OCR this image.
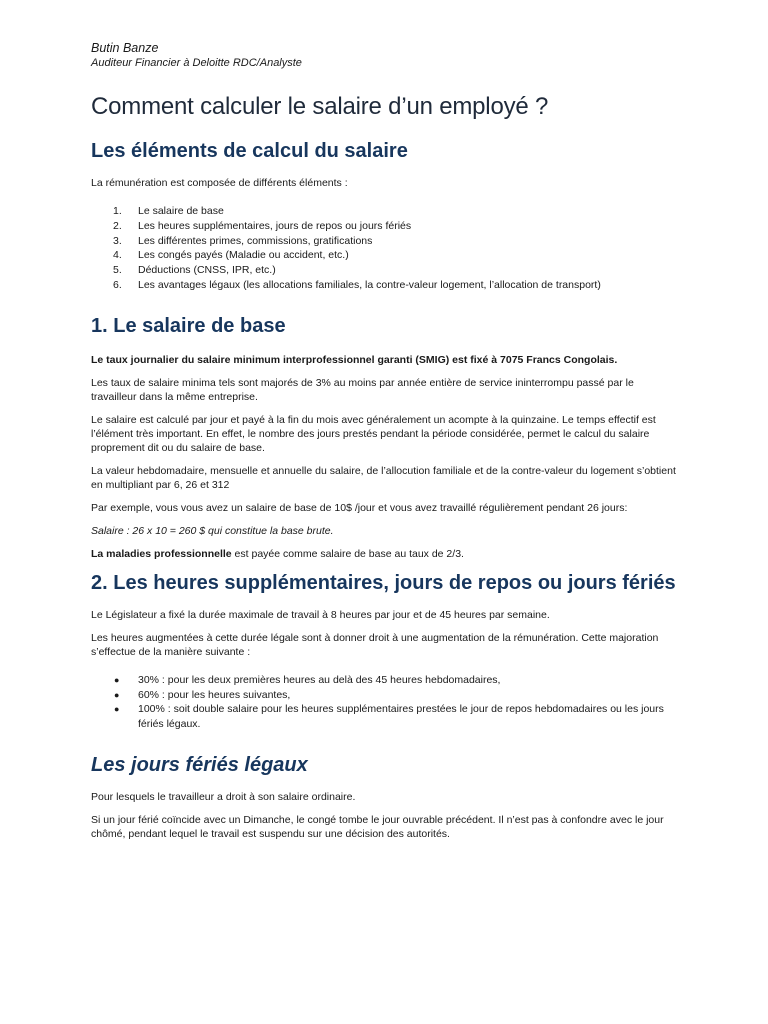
Butin Banze

Auditeur Financier à Deloitte RDC/Analyste

Comment calculer le salaire d’un employé ?
Les éléments de calcul du salaire

La rémunération est composée de différents éléments :

1. Le salaire de base
2. Les heures supplémentaires, jours de repos ou jours fériés
3. Les différentes primes, commissions, gratifications
4. Les congés payés (Maladie ou accident, etc.)
5. Déductions (CNSS, IPR, etc.)
6. Les avantages légaux (les allocations familiales, la contre-valeur logement, l’allocation de transport)
1. Le salaire de base

Le taux journalier du salaire minimum interprofessionnel garanti (SMIG) est fixé à 7075 Francs Congolais.

Les taux de salaire minima tels sont majorés de 3% au moins par année entière de service ininterrompu passé par le travailleur dans la même entreprise.

Le salaire est calculé par jour et payé à la fin du mois avec généralement un acompte à la quinzaine. Le temps effectif est l’élément très important. En effet, le nombre des jours prestés pendant la période considérée, permet le calcul du salaire proprement dit ou du salaire de base.

La valeur hebdomadaire, mensuelle et annuelle du salaire, de l’allocution familiale et de la contre-valeur du logement s’obtient en multipliant par 6, 26 et 312

Par exemple, vous vous avez un salaire de base de 10$ /jour et vous avez travaillé régulièrement pendant 26 jours:

Salaire : 26 x 10 = 260 $ qui constitue la base brute.

La maladies professionnelle est payée comme salaire de base au taux de 2/3.

2. Les heures supplémentaires, jours de repos ou jours fériés

Le Législateur a fixé la durée maximale de travail à 8 heures par jour et de 45 heures par semaine.

Les heures augmentées à cette durée légale sont à donner droit à une augmentation de la rémunération. Cette majoration s’effectue de la manière suivante :

● 30% : pour les deux premières heures au delà des 45 heures hebdomadaires,
● 60% : pour les heures suivantes,
● 100% : soit double salaire pour les heures supplémentaires prestées le jour de repos hebdomadaires ou les jours fériés légaux.
Les jours fériés légaux

Pour lesquels le travailleur a droit à son salaire ordinaire.

Si un jour férié coïncide avec un Dimanche, le congé tombe le jour ouvrable précédent. Il n’est pas à confondre avec le jour chômé, pendant lequel le travail est suspendu sur une décision des autorités.
